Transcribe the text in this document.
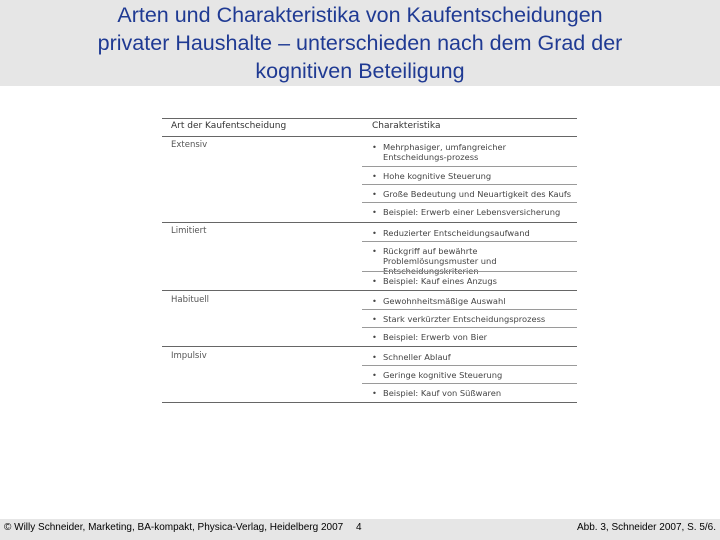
Arten und Charakteristika von Kaufentscheidungen
privater Haushalte – unterschieden nach dem Grad der
kognitiven Beteiligung
Art der Kaufentscheidung	Charakteristika
Extensiv	• Mehrphasiger, umfangreicher Entscheidungs-prozess
• Hohe kognitive Steuerung
• Große Bedeutung und Neuartigkeit des Kaufs
• Beispiel: Erwerb einer Lebensversicherung
Limitiert	• Reduzierter Entscheidungsaufwand
• Rückgriff auf bewährte Problemlösungsmuster und Entscheidungskriterien
• Beispiel: Kauf eines Anzugs
Habituell	• Gewohnheitsmäßige Auswahl
• Stark verkürzter Entscheidungsprozess
• Beispiel: Erwerb von Bier
Impulsiv	• Schneller Ablauf
• Geringe kognitive Steuerung
• Beispiel: Kauf von Süßwaren
© Willy Schneider, Marketing, BA-kompakt, Physica-Verlag, Heidelberg 2007 4	Abb. 3, Schneider 2007, S. 5/6.
